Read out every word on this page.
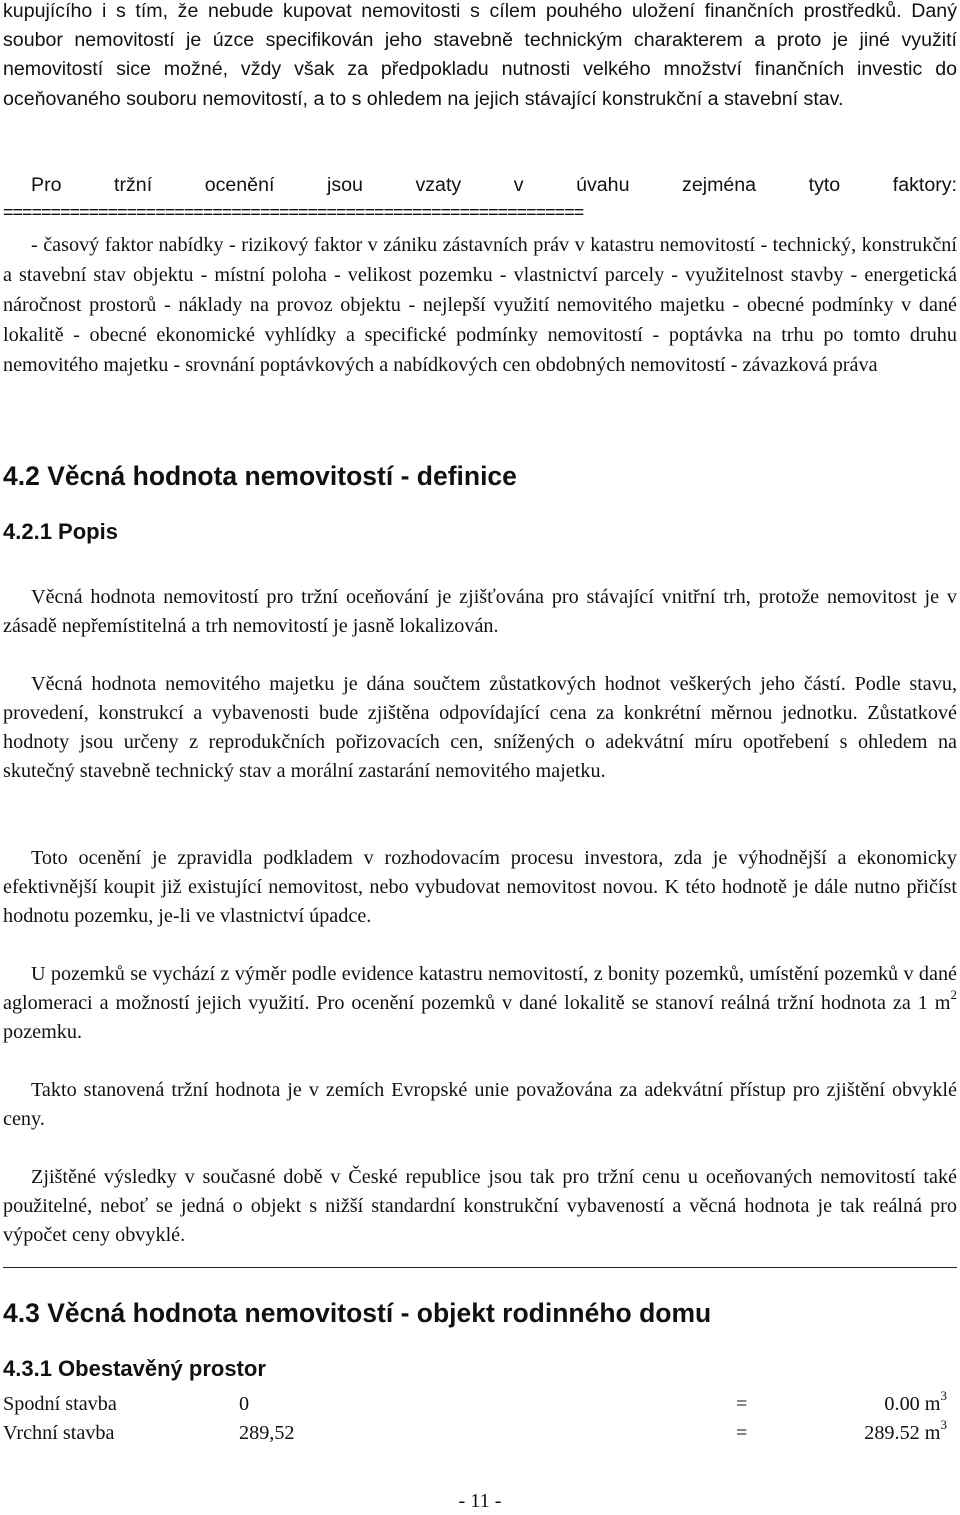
kupujícího i s tím, že nebude kupovat nemovitosti s cílem pouhého uložení finančních prostředků. Daný soubor nemovitostí je úzce specifikován jeho stavebně technickým charakterem a proto je jiné využití nemovitostí sice možné, vždy však za předpokladu nutnosti velkého množství finančních investic do oceňovaného souboru nemovitostí, a to s ohledem na jejich stávající konstrukční a stavební stav.

Pro tržní ocenění jsou vzaty v úvahu zejména tyto faktory:

=============================================================

- časový faktor nabídky - rizikový faktor v zániku zástavních práv v katastru nemovitostí - technický, konstrukční a stavební stav objektu - místní poloha - velikost pozemku - vlastnictví parcely - využitelnost stavby - energetická náročnost prostorů - náklady na provoz objektu - nejlepší využití nemovitého majetku - obecné podmínky v dané lokalitě - obecné ekonomické vyhlídky a specifické podmínky nemovitostí - poptávka na trhu po tomto druhu nemovitého majetku - srovnání poptávkových a nabídkových cen obdobných nemovitostí - závazková práva

4.2 Věcná hodnota nemovitostí - definice
4.2.1 Popis

Věcná hodnota nemovitostí pro tržní oceňování je zjišťována pro stávající vnitřní trh, protože nemovitost je v zásadě nepřemístitelná a trh nemovitostí je jasně lokalizován.

Věcná hodnota nemovitého majetku je dána součtem zůstatkových hodnot veškerých jeho částí. Podle stavu, provedení, konstrukcí a vybavenosti bude zjištěna odpovídající cena za konkrétní měrnou jednotku. Zůstatkové hodnoty jsou určeny z reprodukčních pořizovacích cen, snížených o adekvátní míru opotřebení s ohledem na skutečný stavebně technický stav a morální zastarání nemovitého majetku.

Toto ocenění je zpravidla podkladem v rozhodovacím procesu investora, zda je výhodnější a ekonomicky efektivnější koupit již existující nemovitost, nebo vybudovat nemovitost novou. K této hodnotě je dále nutno přičíst hodnotu pozemku, je-li ve vlastnictví úpadce.

U pozemků se vychází z výměr podle evidence katastru nemovitostí, z bonity pozemků, umístění pozemků v dané aglomeraci a možností jejich využití. Pro ocenění pozemků v dané lokalitě se stanoví reálná tržní hodnota za 1 $m^2$ pozemku.

Takto stanovená tržní hodnota je v zemích Evropské unie považována za adekvátní přístup pro zjištění obvyklé ceny.

Zjištěné výsledky v současné době v České republice jsou tak pro tržní cenu u oceňovaných nemovitostí také použitelné, neboť se jedná o objekt s nižší standardní konstrukční vybaveností a věcná hodnota je tak reálná pro výpočet ceny obvyklé.

4.3 Věcná hodnota nemovitostí - objekt rodinného domu
4.3.1 Obestavěný prostor
Spodní stavba	0	=	0.00 $m^3$
Vrchní stavba	289,52	=	289.52 $m^3$
- 11 -
